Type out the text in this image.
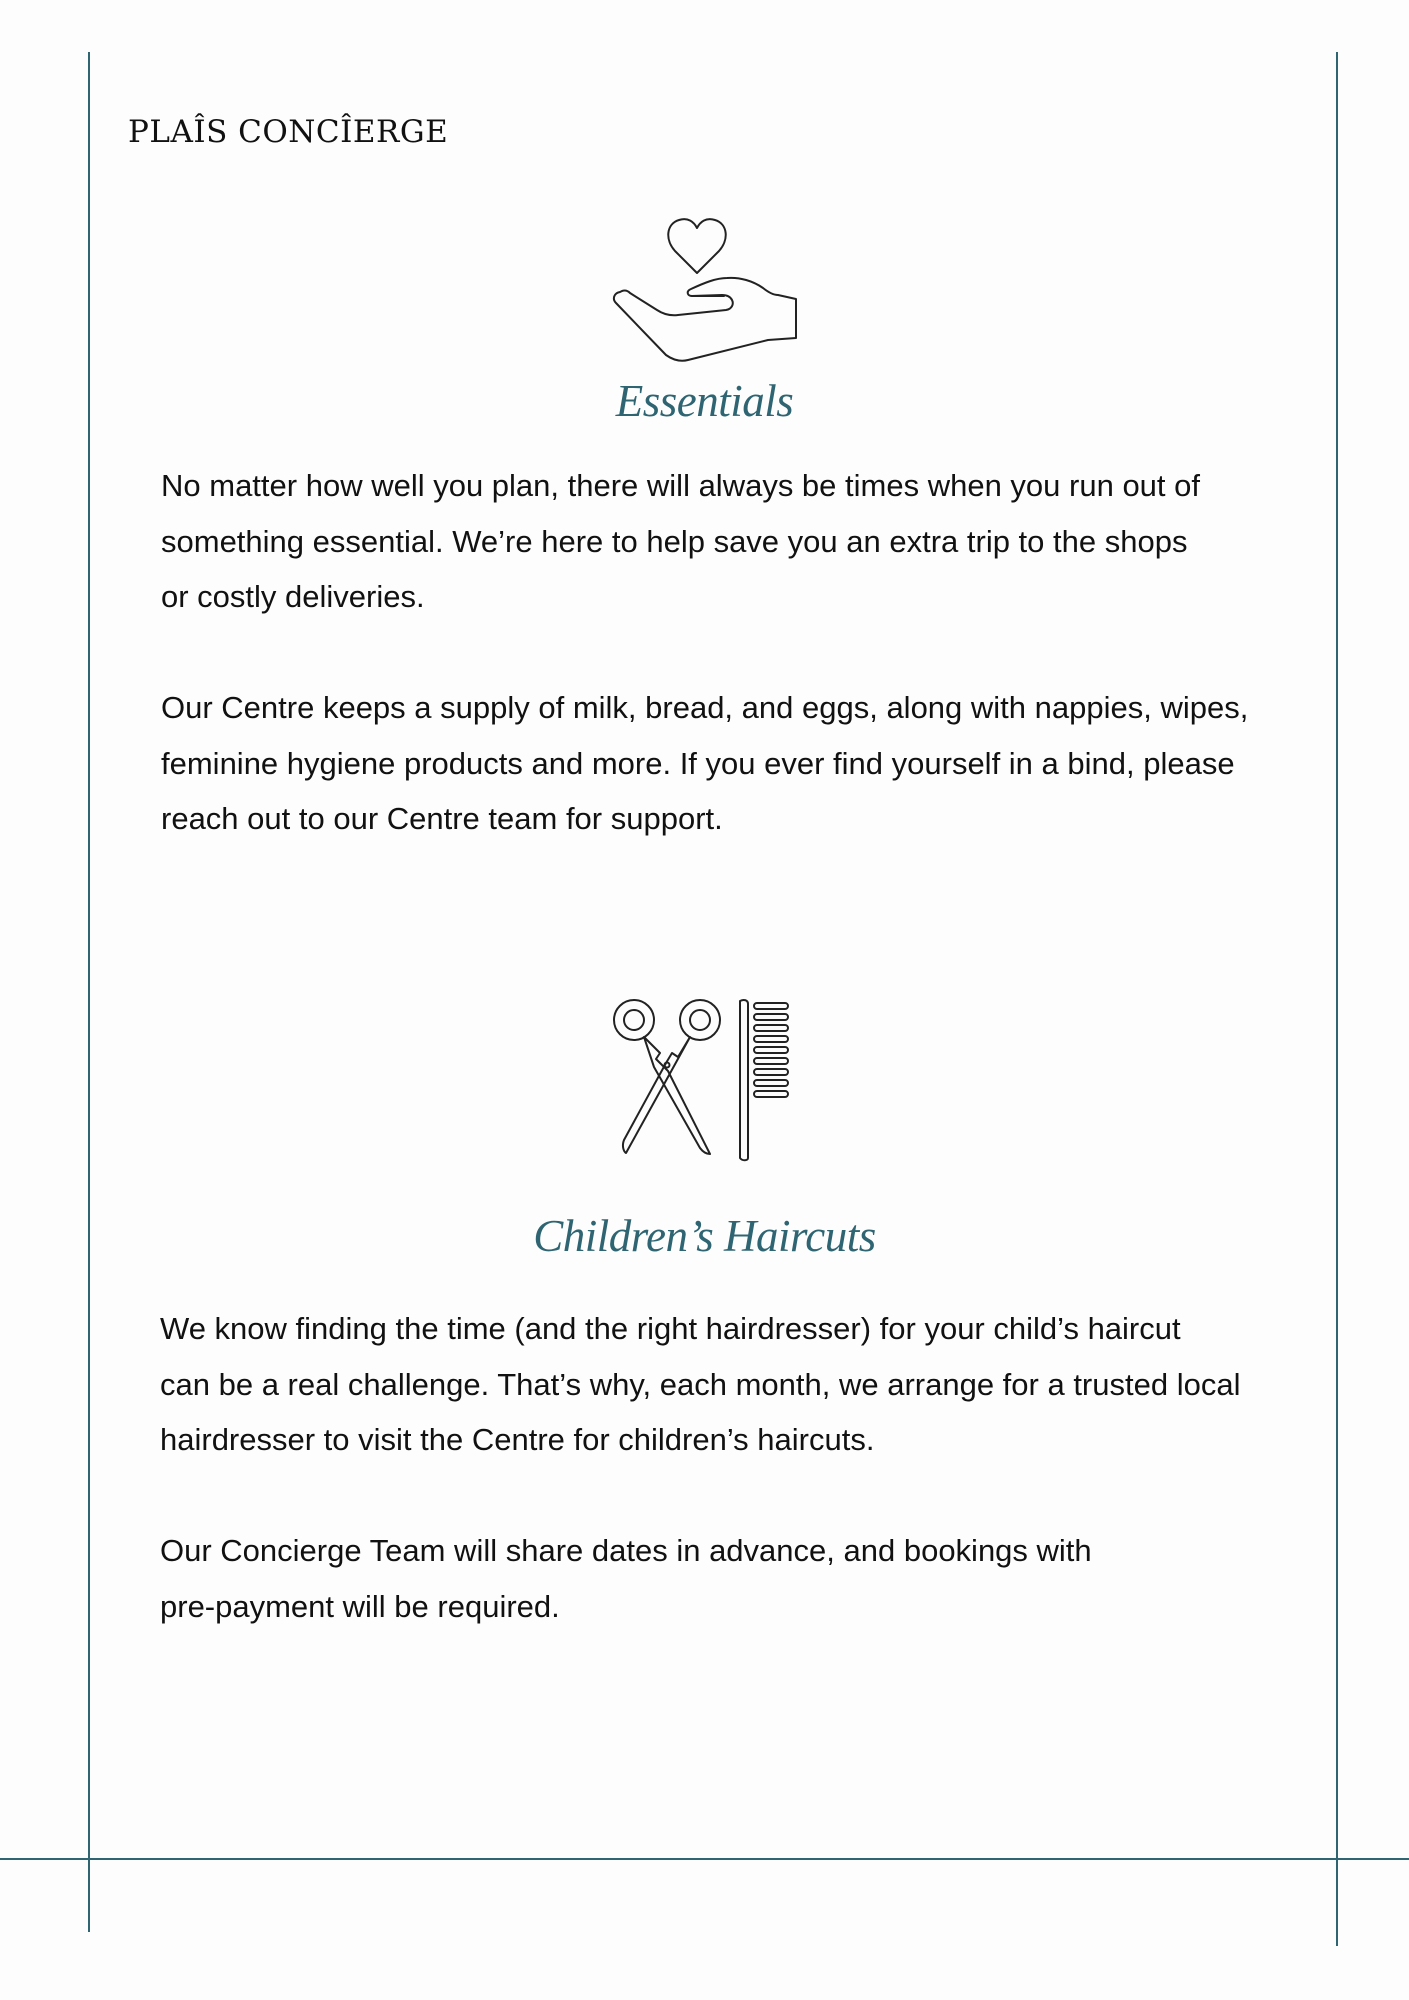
PLAÎS CONCÎERGE
Essentials

No matter how well you plan, there will always be times when you run out of
something essential. We’re here to help save you an extra trip to the shops
or costly deliveries.

Our Centre keeps a supply of milk, bread, and eggs, along with nappies, wipes,
feminine hygiene products and more. If you ever find yourself in a bind, please
reach out to our Centre team for support.

Children’s Haircuts

We know finding the time (and the right hairdresser) for your child’s haircut
can be a real challenge. That’s why, each month, we arrange for a trusted local
hairdresser to visit the Centre for children’s haircuts.

Our Concierge Team will share dates in advance, and bookings with
pre-payment will be required.
